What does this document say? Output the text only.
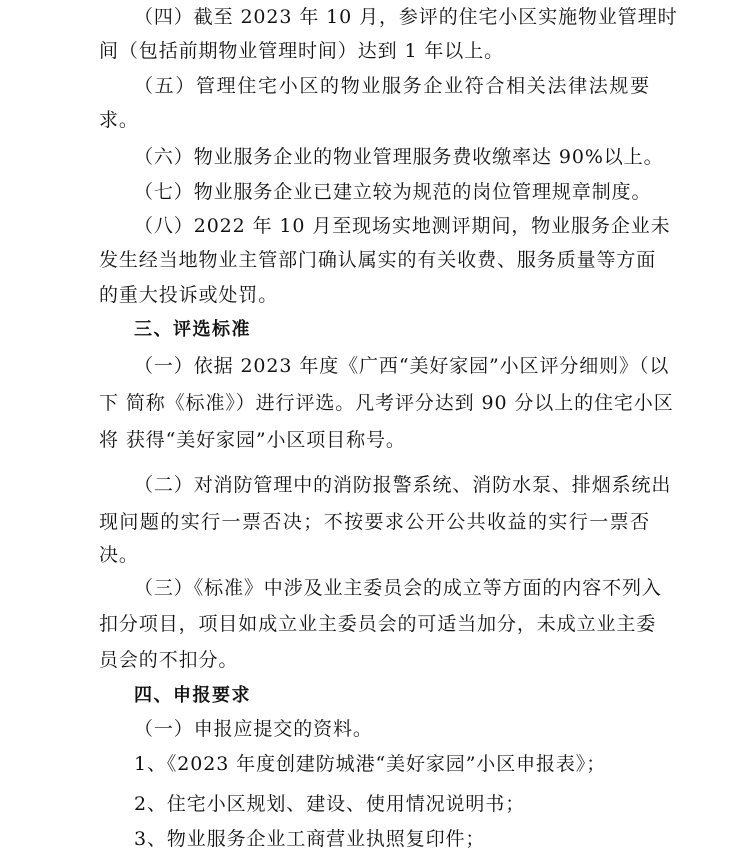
（四）截至 2023 年 10 月，参评的住宅小区实施物业管理时
间（包括前期物业管理时间）达到 1 年以上。
（五）管理住宅小区的物业服务企业符合相关法律法规要
求。
（六）物业服务企业的物业管理服务费收缴率达 90%以上。
（七）物业服务企业已建立较为规范的岗位管理规章制度。
（八）2022 年 10 月至现场实地测评期间，物业服务企业未
发生经当地物业主管部门确认属实的有关收费、服务质量等方面
的重大投诉或处罚。
三、评选标准
（一）依据 2023 年度《广西“美好家园”小区评分细则》（以
下 简称《标准》）进行评选。凡考评分达到 90 分以上的住宅小区
将 获得“美好家园”小区项目称号。
（二）对消防管理中的消防报警系统、消防水泵、排烟系统出
现问题的实行一票否决；不按要求公开公共收益的实行一票否
决。
（三）《标准》中涉及业主委员会的成立等方面的内容不列入
扣分项目，项目如成立业主委员会的可适当加分，未成立业主委
员会的不扣分。
四、申报要求
（一）申报应提交的资料。
1、《2023 年度创建防城港“美好家园”小区申报表》；
2、住宅小区规划、建设、使用情况说明书；
3、物业服务企业工商营业执照复印件；
